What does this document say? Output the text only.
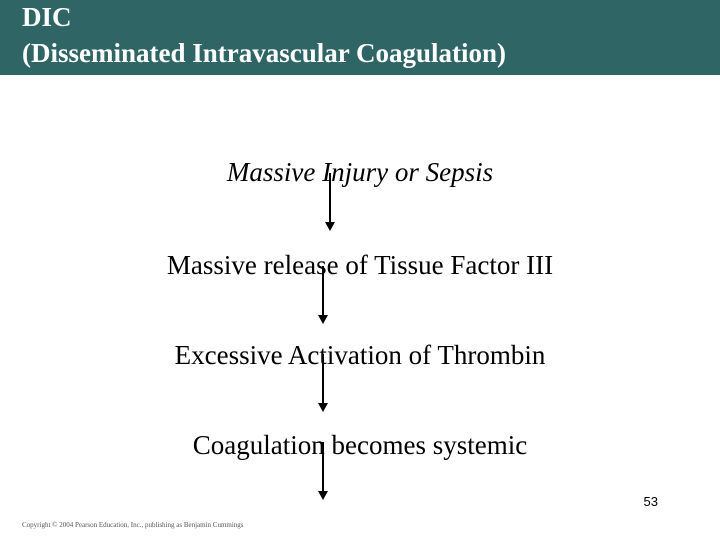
DIC
(Disseminated Intravascular Coagulation)
Massive Injury or Sepsis
Massive release of Tissue Factor III
Excessive Activation of Thrombin
Coagulation becomes systemic
53
Copyright © 2004 Pearson Education, Inc., publishing as Benjamin Cummings
